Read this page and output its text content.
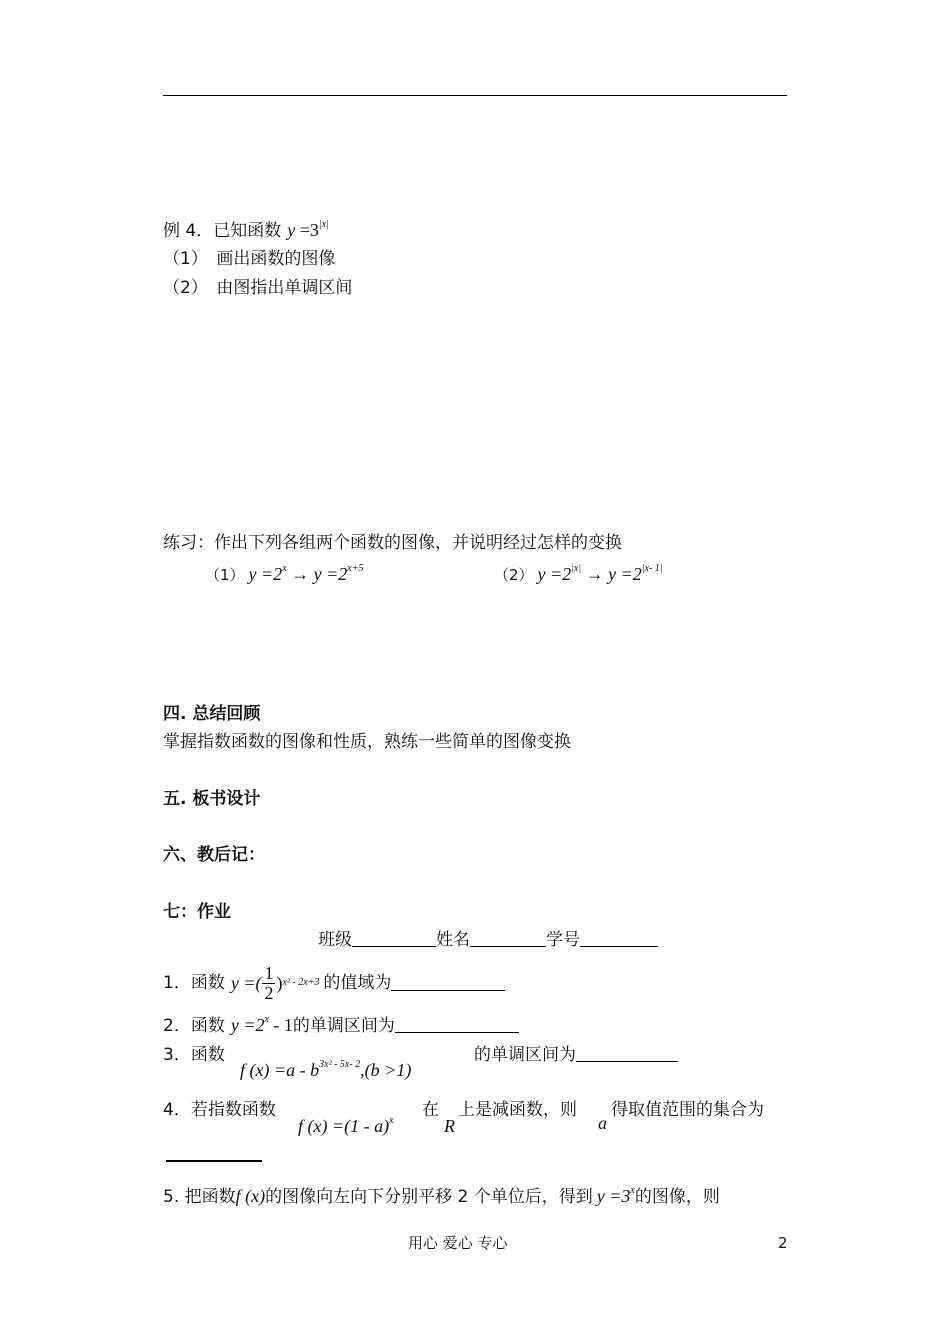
例 4．已知函数 $y =3^{|x|}$
（1）　画出函数的图像
（2）　由图指出单调区间
练习：作出下列各组两个函数的图像，并说明经过怎样的变换
（1） $y =2^x \to y =2^{x+5}$	（2） $y =2^{|x|} \to y =2^{|x- 1|}$
四. 总结回顾
掌握指数函数的图像和性质，熟练一些简单的图像变换
五. 板书设计
六、教后记：
七：作业
班级	姓名	学号
1．函数 y =( $\frac{1}{2}$ ) x² - 2x+3 的值域为
2．函数 $y =2^x - 1$的单调区间为
3．函数
f $(x) =a - b^{3x^2 - 5x- 2},(b >1)$
的单调区间为
4．若指数函数
f (x) =(1 - a)$^x$
在
R
上是减函数，则
a
得取值范围的集合为
5. 把函数f (x)的图像向左向下分别平移 2 个单位后，得到 $y =3^x$的图像，则
用心 爱心 专心	2
